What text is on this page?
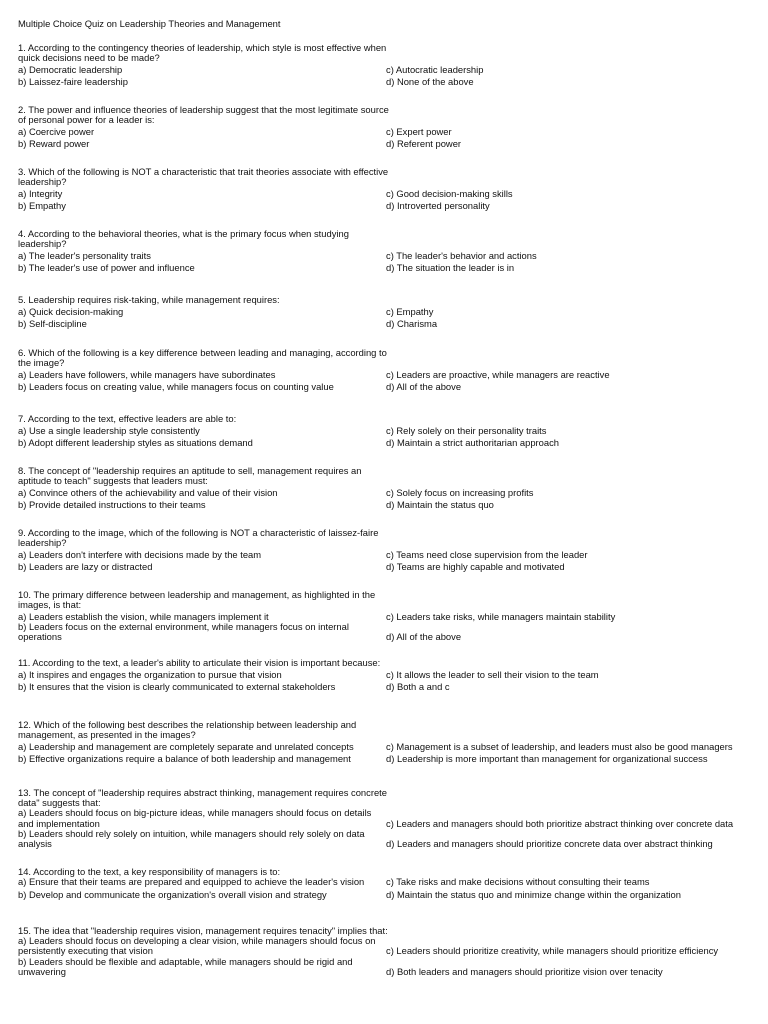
Multiple Choice Quiz on Leadership Theories and Management
1. According to the contingency theories of leadership, which style is most effective when quick decisions need to be made?
a) Democratic leadership	c) Autocratic leadership
b) Laissez-faire leadership	d) None of the above
2. The power and influence theories of leadership suggest that the most legitimate source of personal power for a leader is:
a) Coercive power	c) Expert power
b) Reward power	d) Referent power
3. Which of the following is NOT a characteristic that trait theories associate with effective leadership?
a) Integrity	c) Good decision-making skills
b) Empathy	d) Introverted personality
4. According to the behavioral theories, what is the primary focus when studying leadership?
a) The leader's personality traits	c) The leader's behavior and actions
b) The leader's use of power and influence	d) The situation the leader is in
5. Leadership requires risk-taking, while management requires:
a) Quick decision-making	c) Empathy
b) Self-discipline	d) Charisma
6. Which of the following is a key difference between leading and managing, according to the image?
a) Leaders have followers, while managers have subordinates	c) Leaders are proactive, while managers are reactive
b) Leaders focus on creating value, while managers focus on counting value	d) All of the above
7. According to the text, effective leaders are able to:
a) Use a single leadership style consistently	c) Rely solely on their personality traits
b) Adopt different leadership styles as situations demand	d) Maintain a strict authoritarian approach
8. The concept of "leadership requires an aptitude to sell, management requires an aptitude to teach" suggests that leaders must:
a) Convince others of the achievability and value of their vision	c) Solely focus on increasing profits
b) Provide detailed instructions to their teams	d) Maintain the status quo
9. According to the image, which of the following is NOT a characteristic of laissez-faire leadership?
a) Leaders don't interfere with decisions made by the team	c) Teams need close supervision from the leader
b) Leaders are lazy or distracted	d) Teams are highly capable and motivated
10. The primary difference between leadership and management, as highlighted in the images, is that:
a) Leaders establish the vision, while managers implement it	c) Leaders take risks, while managers maintain stability
b) Leaders focus on the external environment, while managers focus on internal operations	d) All of the above
11. According to the text, a leader's ability to articulate their vision is important because:
a) It inspires and engages the organization to pursue that vision	c) It allows the leader to sell their vision to the team
b) It ensures that the vision is clearly communicated to external stakeholders	d) Both a and c
12. Which of the following best describes the relationship between leadership and management, as presented in the images?
a) Leadership and management are completely separate and unrelated concepts	c) Management is a subset of leadership, and leaders must also be good managers
b) Effective organizations require a balance of both leadership and management	d) Leadership is more important than management for organizational success
13. The concept of "leadership requires abstract thinking, management requires concrete data" suggests that:
a) Leaders should focus on big-picture ideas, while managers should focus on details and implementation	c) Leaders and managers should both prioritize abstract thinking over concrete data
b) Leaders should rely solely on intuition, while managers should rely solely on data analysis	d) Leaders and managers should prioritize concrete data over abstract thinking
14. According to the text, a key responsibility of managers is to:
a) Ensure that their teams are prepared and equipped to achieve the leader's vision	c) Take risks and make decisions without consulting their teams
b) Develop and communicate the organization's overall vision and strategy	d) Maintain the status quo and minimize change within the organization
15. The idea that "leadership requires vision, management requires tenacity" implies that:
a) Leaders should focus on developing a clear vision, while managers should focus on persistently executing that vision	c) Leaders should prioritize creativity, while managers should prioritize efficiency
b) Leaders should be flexible and adaptable, while managers should be rigid and unwavering	d) Both leaders and managers should prioritize vision over tenacity
